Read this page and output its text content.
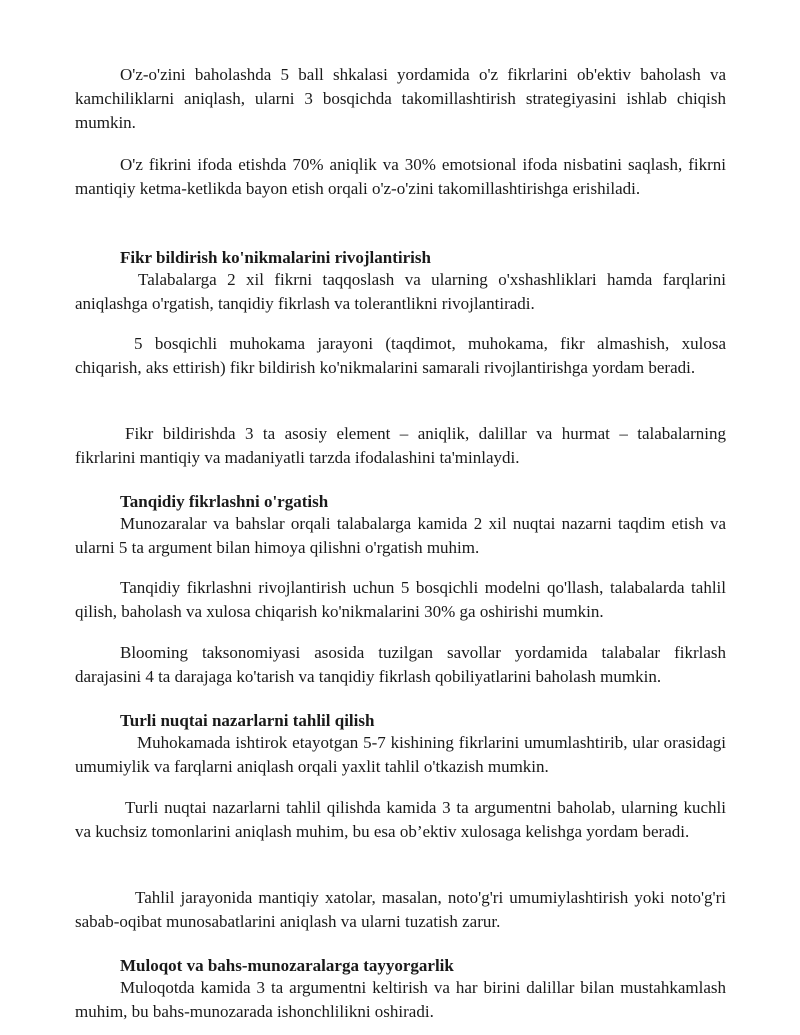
O'z-o'zini baholashda 5 ball shkalasi yordamida o'z fikrlarini ob'ektiv baholash va kamchiliklarni aniqlash, ularni 3 bosqichda takomillashtirish strategiyasini ishlab chiqish mumkin.

O'z fikrini ifoda etishda 70% aniqlik va 30% emotsional ifoda nisbatini saqlash, fikrni mantiqiy ketma-ketlikda bayon etish orqali o'z-o'zini takomillashtirishga erishiladi.

Fikr bildirish ko'nikmalarini rivojlantirish

Talabalarga 2 xil fikrni taqqoslash va ularning o'xshashliklari hamda farqlarini aniqlashga o'rgatish, tanqidiy fikrlash va tolerantlikni rivojlantiradi.

5 bosqichli muhokama jarayoni (taqdimot, muhokama, fikr almashish, xulosa chiqarish, aks ettirish) fikr bildirish ko'nikmalarini samarali rivojlantirishga yordam beradi.

Fikr bildirishda 3 ta asosiy element – aniqlik, dalillar va hurmat – talabalarning fikrlarini mantiqiy va madaniyatli tarzda ifodalashini ta'minlaydi.

Tanqidiy fikrlashni o'rgatish

Munozaralar va bahslar orqali talabalarga kamida 2 xil nuqtai nazarni taqdim etish va ularni 5 ta argument bilan himoya qilishni o'rgatish muhim.

Tanqidiy fikrlashni rivojlantirish uchun 5 bosqichli modelni qo'llash, talabalarda tahlil qilish, baholash va xulosa chiqarish ko'nikmalarini 30% ga oshirishi mumkin.

Blooming taksonomiyasi asosida tuzilgan savollar yordamida talabalar fikrlash darajasini 4 ta darajaga ko'tarish va tanqidiy fikrlash qobiliyatlarini baholash mumkin.

Turli nuqtai nazarlarni tahlil qilish

Muhokamada ishtirok etayotgan 5-7 kishining fikrlarini umumlashtirib, ular orasidagi umumiylik va farqlarni aniqlash orqali yaxlit tahlil o'tkazish mumkin.

Turli nuqtai nazarlarni tahlil qilishda kamida 3 ta argumentni baholab, ularning kuchli va kuchsiz tomonlarini aniqlash muhim, bu esa ob’ektiv xulosaga kelishga yordam beradi.

Tahlil jarayonida mantiqiy xatolar, masalan, noto'g'ri umumiylashtirish yoki noto'g'ri sabab-oqibat munosabatlarini aniqlash va ularni tuzatish zarur.

Muloqot va bahs-munozaralarga tayyorgarlik

Muloqotda kamida 3 ta argumentni keltirish va har birini dalillar bilan mustahkamlash muhim, bu bahs-munozarada ishonchlilikni oshiradi.
